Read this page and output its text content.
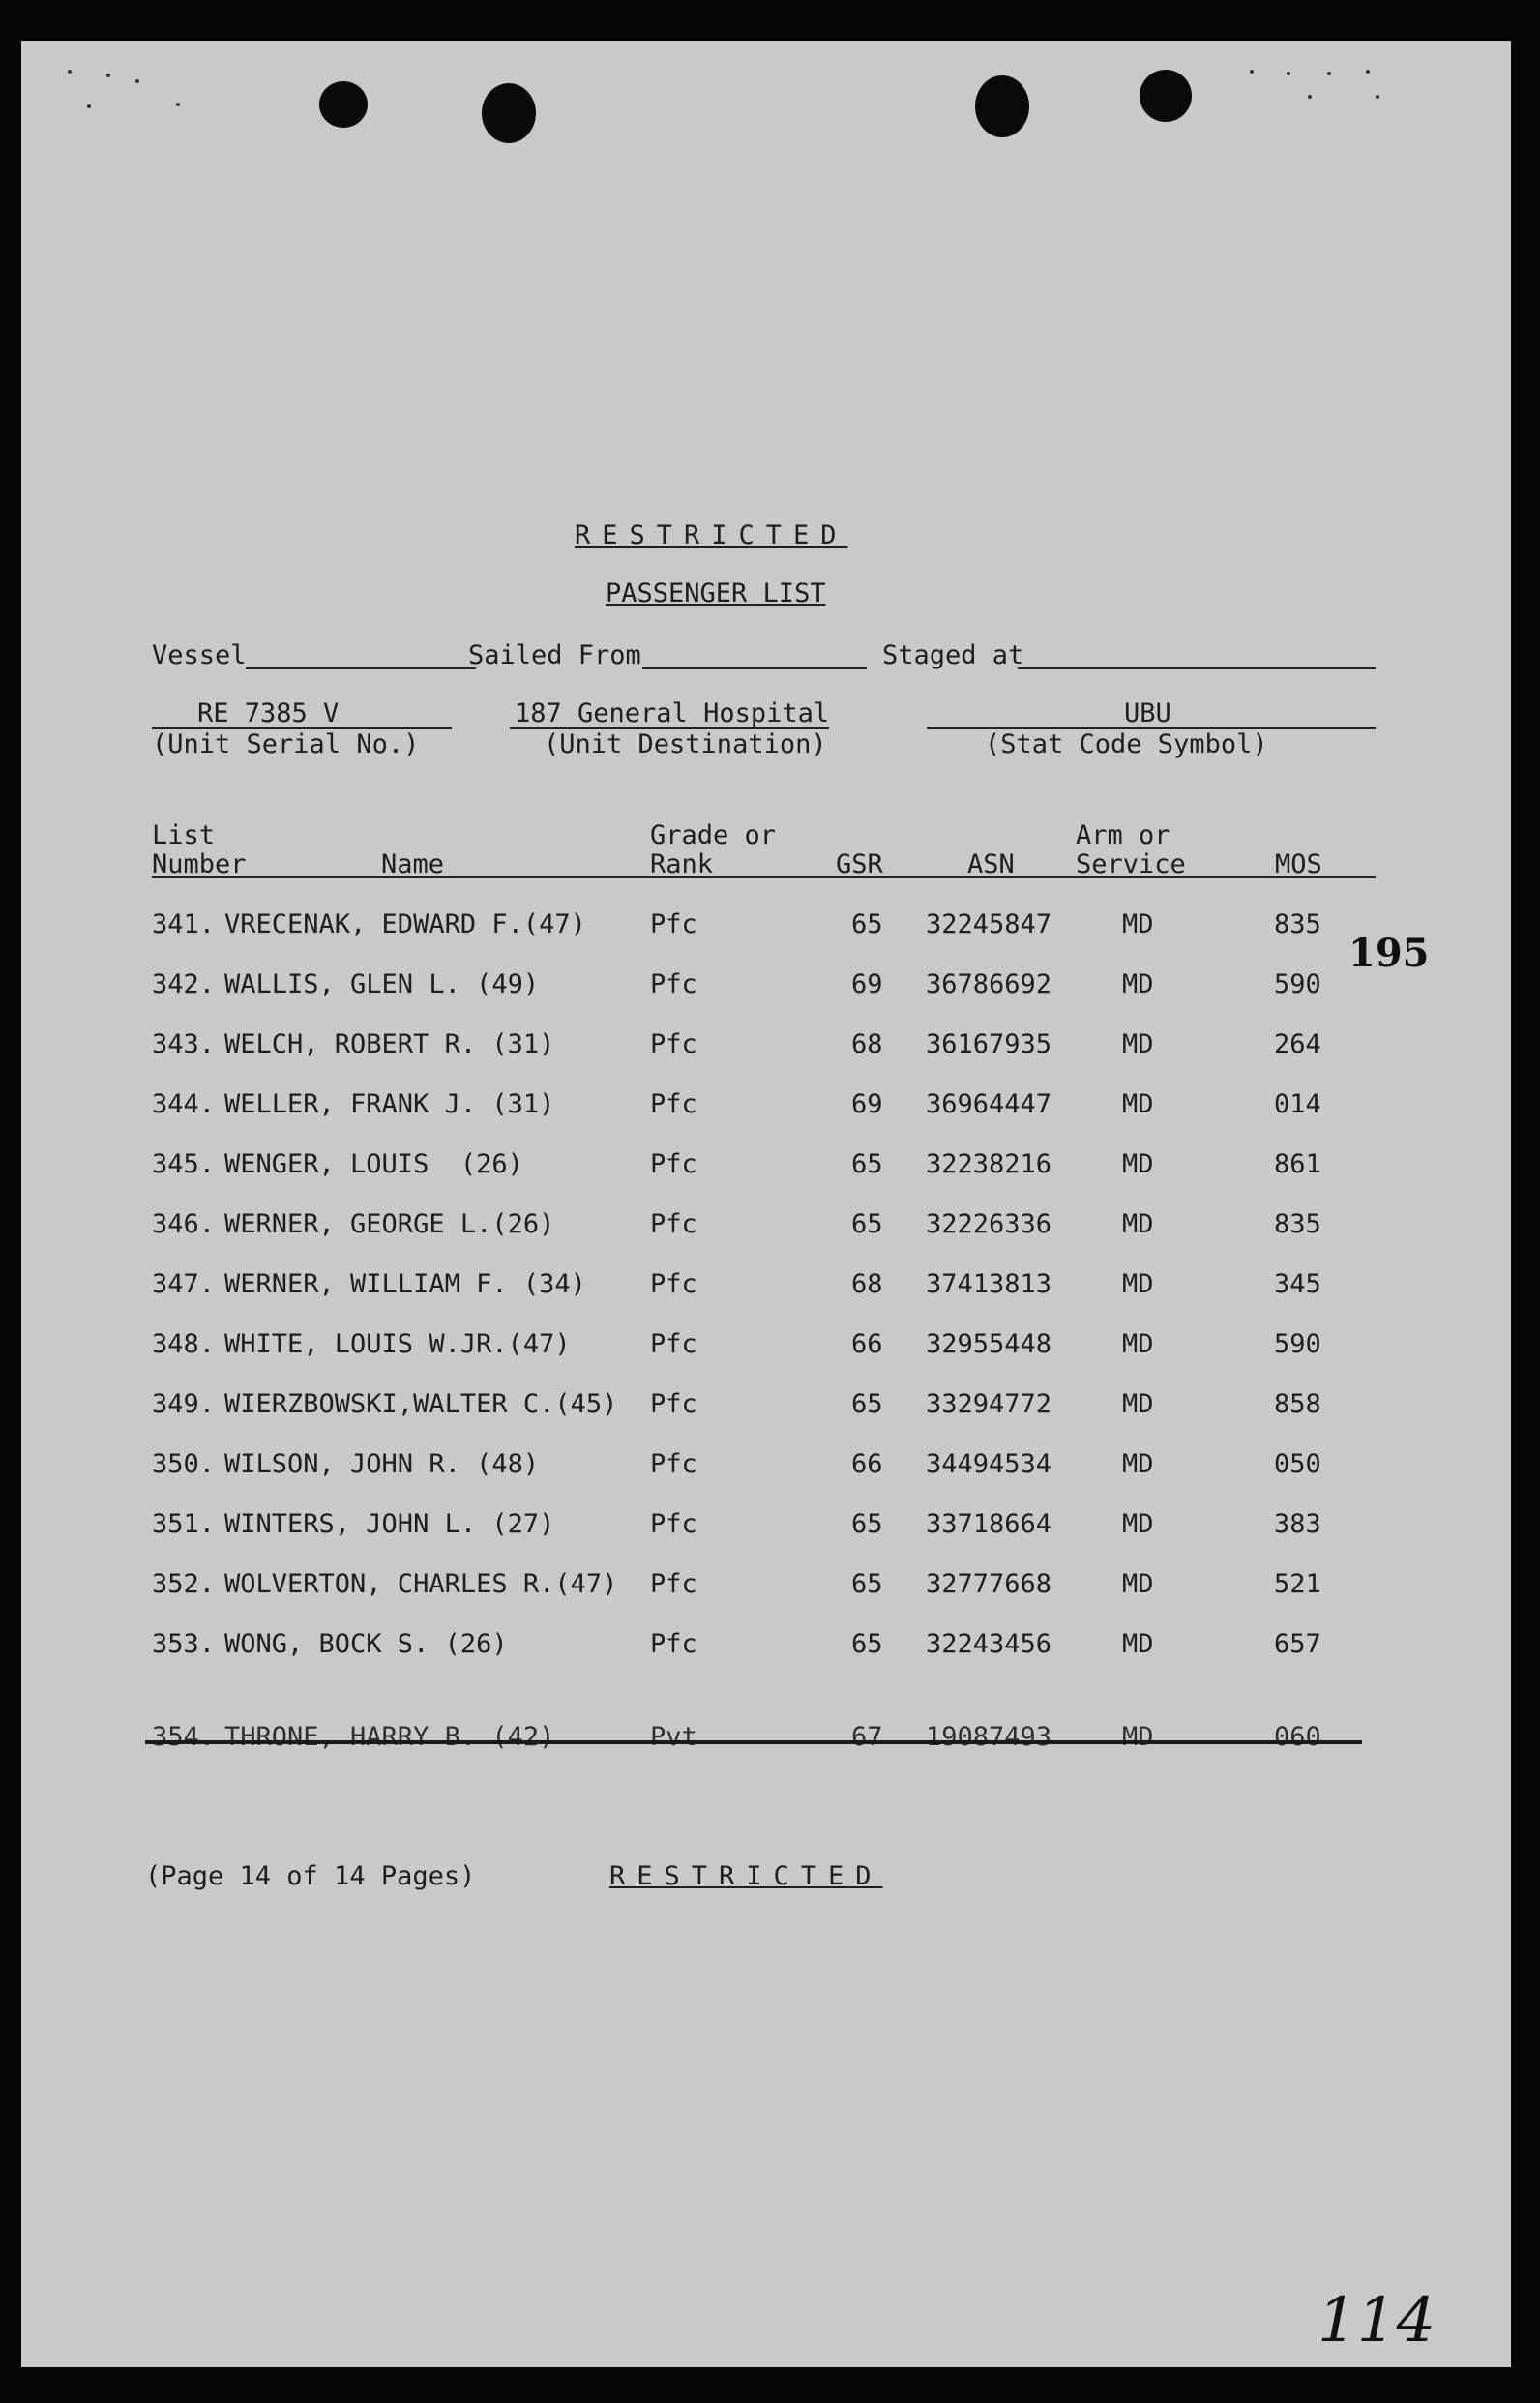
RESTRICTED
PASSENGER LIST
Vessel	Sailed From	Staged at
RE 7385 V
(Unit Serial No.)
187 General Hospital
(Unit Destination)
UBU
(Stat Code Symbol)
List
Number	Name
Grade or
Rank	GSR	ASN
Arm or
Service	MOS
341. VRECENAK, EDWARD F.(47) Pfc	65 32245847	MD	835
342. WALLIS, GLEN L. (49)	Pfc	69 36786692	MD	590
343. WELCH, ROBERT R. (31)	Pfc	68 36167935	MD	264
344. WELLER, FRANK J. (31)	Pfc	69 36964447	MD	014
345. WENGER, LOUIS  (26)	Pfc	65 32238216	MD	861
346. WERNER, GEORGE L.(26)	Pfc	65 32226336	MD	835
347. WERNER, WILLIAM F. (34) Pfc	68 37413813	MD	345
348. WHITE, LOUIS W.JR.(47)	Pfc	66 32955448	MD	590
349. WIERZBOWSKI,WALTER C.(45) Pfc	65 33294772	MD	858
350. WILSON, JOHN R. (48)	Pfc	66 34494534	MD	050
351. WINTERS, JOHN L. (27)	Pfc	65 33718664	MD	383
352. WOLVERTON, CHARLES R.(47) Pfc	65 32777668	MD	521
353. WONG, BOCK S. (26)	Pfc	65 32243456	MD	657
354. THRONE, HARRY B. (42)	Pvt	67 19087493	MD	060
195
(Page 14 of 14 Pages)	RESTRICTED
114
